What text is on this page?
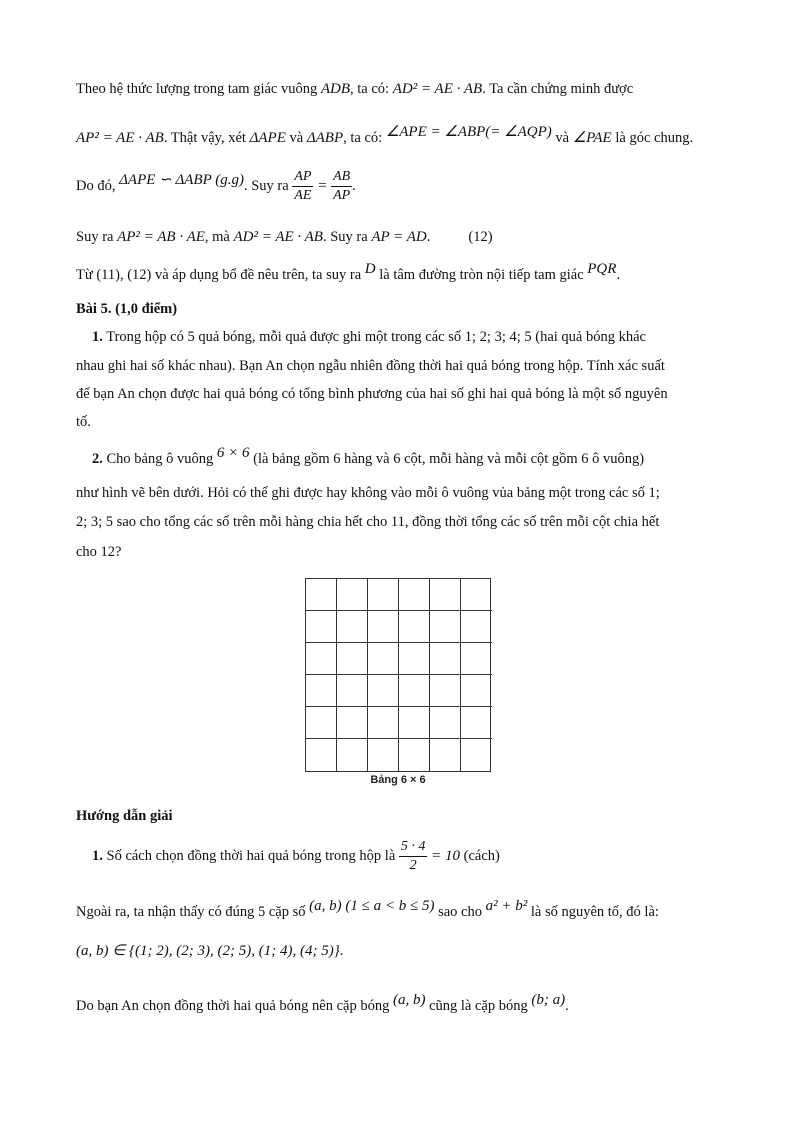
Theo hệ thức lượng trong tam giác vuông ADB, ta có: AD² = AE · AB. Ta cần chứng minh được
AP² = AE · AB. Thật vậy, xét ΔAPE và ΔABP, ta có: ∠APE = ∠ABP(= ∠AQP) và ∠PAE là góc chung.
Do đó, ΔAPE ∽ ΔABP (g.g). Suy ra $\frac{AP}{AE} = \frac{AB}{AP}$ .
Suy ra AP² = AB · AE, mà AD² = AE · AB. Suy ra AP = AD.	(12)
Từ (11), (12) và áp dụng bổ đề nêu trên, ta suy ra D là tâm đường tròn nội tiếp tam giác PQR.
Bài 5. (1,0 điểm)
1. Trong hộp có 5 quả bóng, mỗi quả được ghi một trong các số 1; 2; 3; 4; 5 (hai quả bóng khác
nhau ghi hai số khác nhau). Bạn An chọn ngẫu nhiên đồng thời hai quả bóng trong hộp. Tính xác suất
để bạn An chọn được hai quả bóng có tổng bình phương của hai số ghi hai quả bóng là một số nguyên
tố.
2. Cho bảng ô vuông 6 × 6 (là bảng gồm 6 hàng và 6 cột, mỗi hàng và mỗi cột gồm 6 ô vuông)
như hình vẽ bên dưới. Hỏi có thể ghi được hay không vào mỗi ô vuông vủa bảng một trong các số 1;
2; 3; 5 sao cho tổng các số trên mỗi hàng chia hết cho 11, đồng thời tổng các số trên mỗi cột chia hết
cho 12?
Hướng dẫn giải
1. Số cách chọn đồng thời hai quả bóng trong hộp là $\frac{5 \cdot 4}{2} = 10$ (cách)
Ngoài ra, ta nhận thấy có đúng 5 cặp số (a, b) (1 ≤ a < b ≤ 5) sao cho a² + b² là số nguyên tố, đó là:
(a, b) ∈ {(1; 2), (2; 3), (2; 5), (1; 4), (4; 5)}.
Do bạn An chọn đồng thời hai quả bóng nên cặp bóng (a, b) cũng là cặp bóng (b; a).
Bảng 6 × 6
